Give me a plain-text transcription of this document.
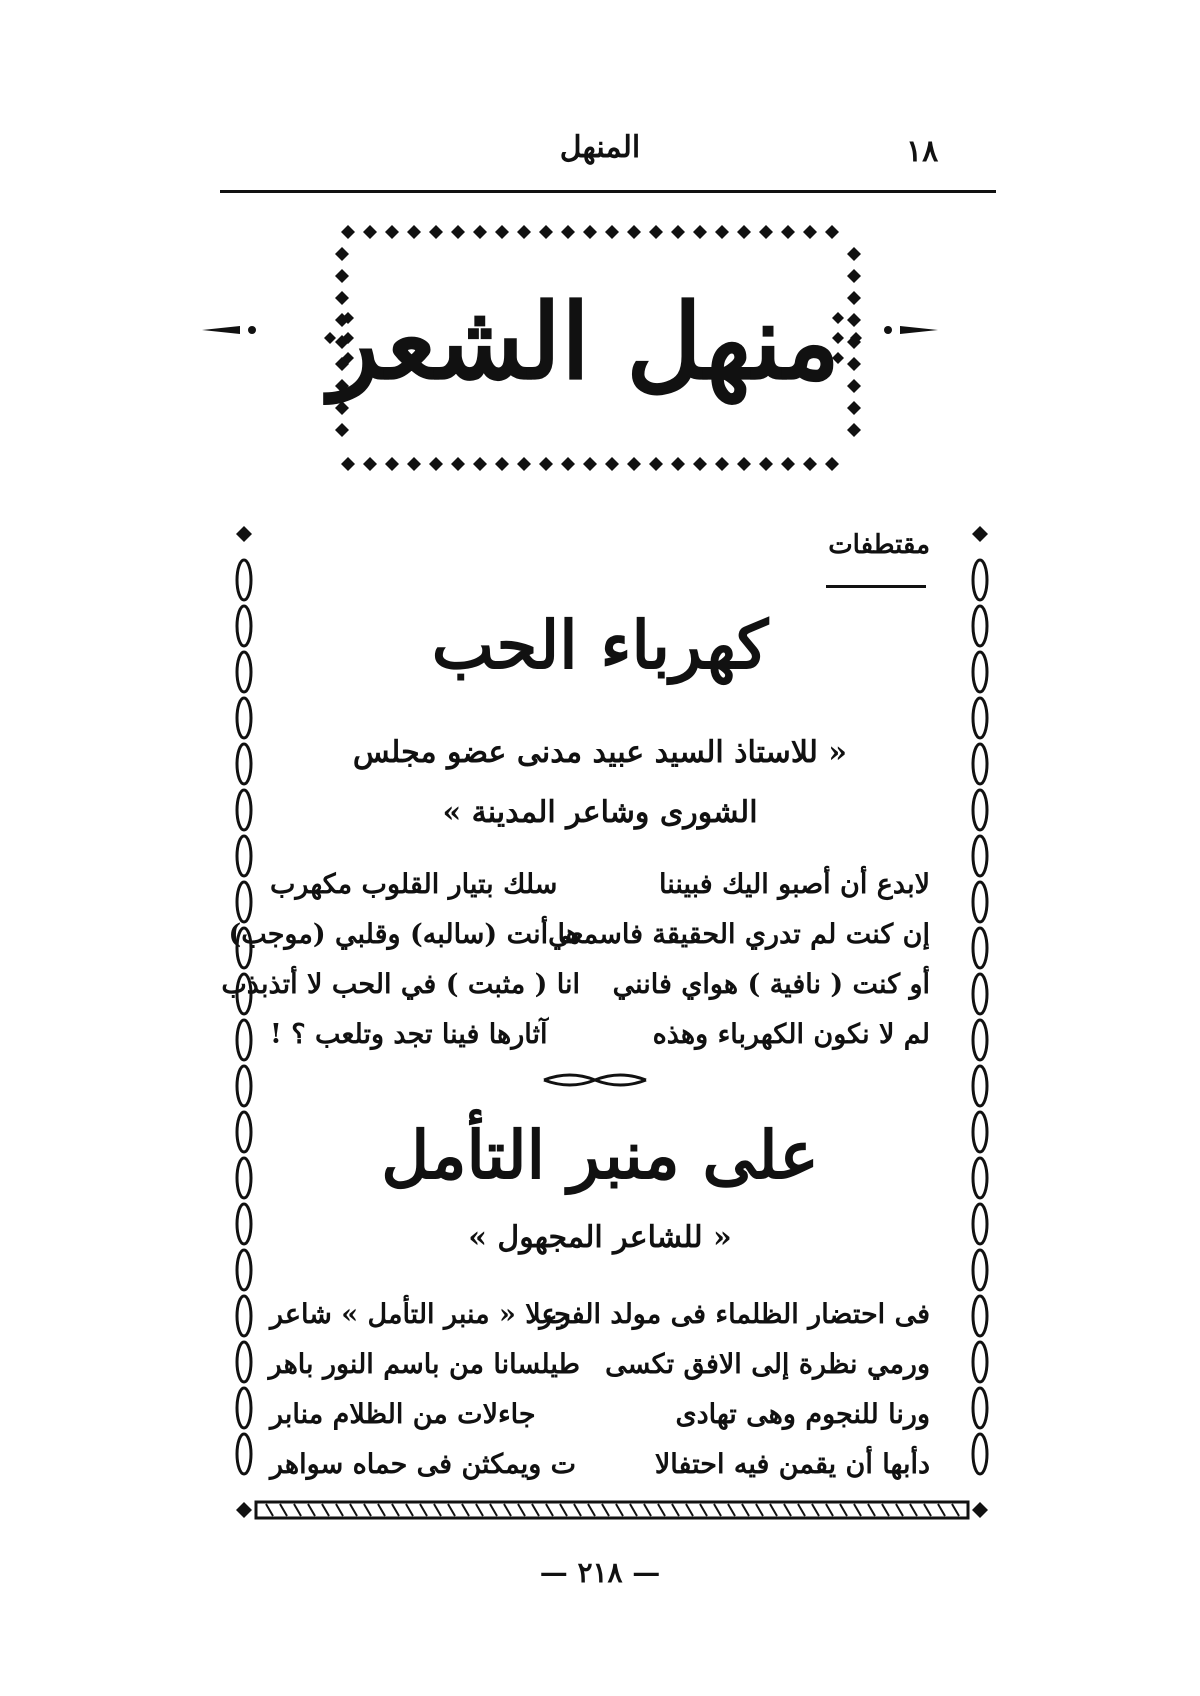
١٨
المنهل
منهل الشعر
مقتطفات
كهرباء الحب
« للاستاذ السيد عبيد مدنى عضو مجلس
الشورى وشاعر المدينة »
لابدع أن أصبو اليك فبيننا
سلك بتيار القلوب مكهرب
إن كنت لم تدري الحقيقة فاسمعي
ها أنت (سالبه) وقلبي (موجب)
أو كنت ( نافية ) هواي فانني
انا ( مثبت ) في الحب لا أتذبذب
لم لا نكون الكهرباء وهذه
آثارها فينا تجد وتلعب ؟ !
على منبر التأمل
« للشاعر المجهول »
فى احتضار الظلماء فى مولد الفجر
رعلا « منبر التأمل » شاعر
ورمي نظرة إلى الافق تكسى
طيلسانا من باسم النور باهر
ورنا للنجوم وهى تهادى
جاءلات من الظلام منابر
دأبها أن يقمن فيه احتفالا
ت ويمكثن فى حماه سواهر
— ٢١٨ —
